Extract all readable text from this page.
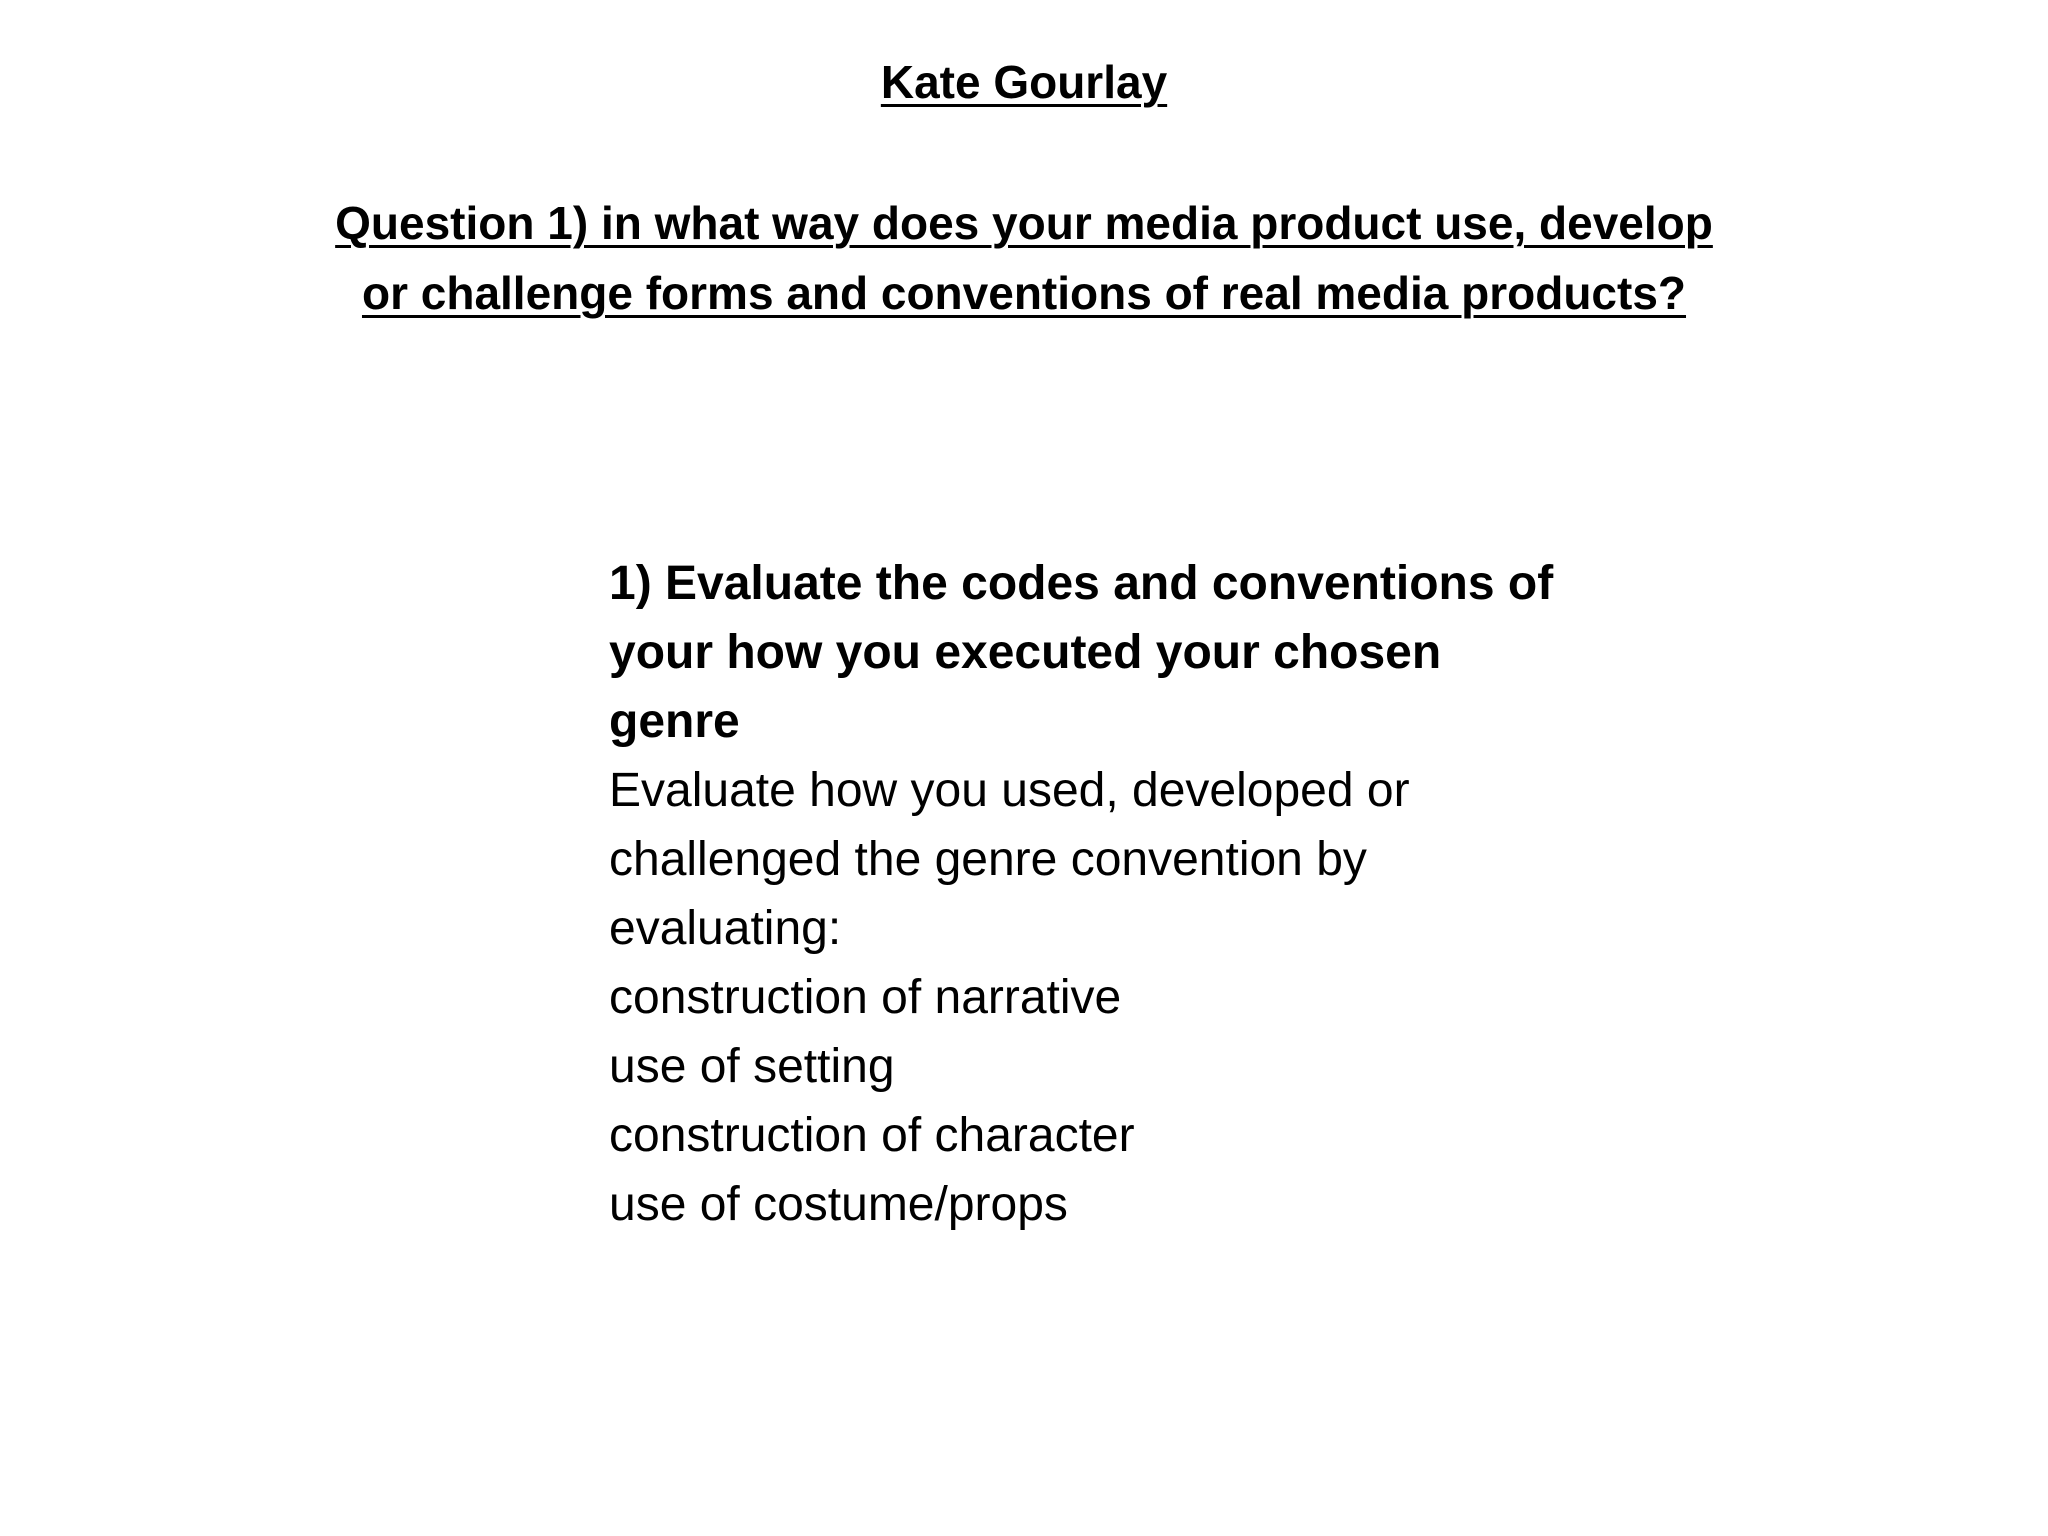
Kate Gourlay
Question 1) in what way does your media product use, develop
or challenge forms and conventions of real media products?
1) Evaluate the codes and conventions of
your how you executed your chosen
genre
Evaluate how you used, developed or
challenged the genre convention by
evaluating:
construction of narrative
use of setting
construction of character
use of costume/props
